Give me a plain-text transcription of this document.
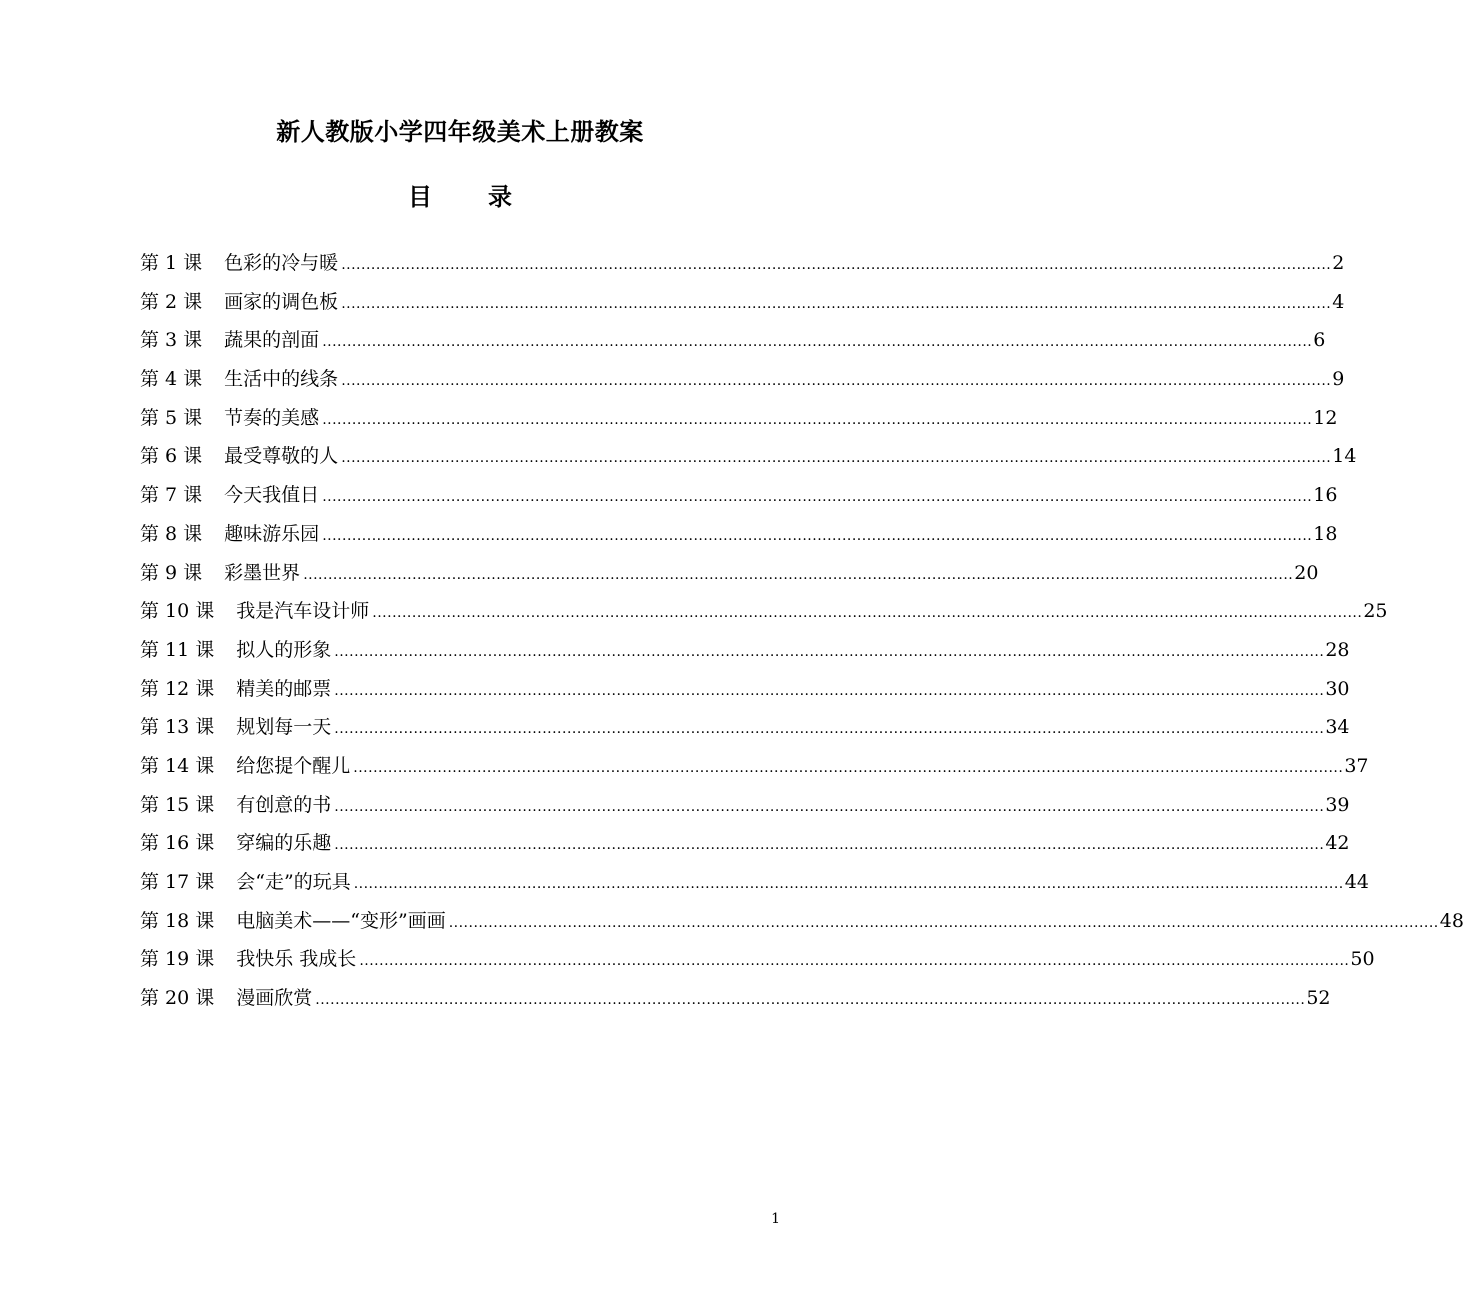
新人教版小学四年级美术上册教案
目 录
第 1 课 色彩的冷与暖 ........................................................................................................................................................................................................ 2
第 2 课 画家的调色板 ........................................................................................................................................................................................................ 4
第 3 课 蔬果的剖面 ........................................................................................................................................................................................................ 6
第 4 课 生活中的线条 ........................................................................................................................................................................................................ 9
第 5 课 节奏的美感 ........................................................................................................................................................................................................ 12
第 6 课 最受尊敬的人 ........................................................................................................................................................................................................ 14
第 7 课 今天我值日 ........................................................................................................................................................................................................ 16
第 8 课 趣味游乐园 ........................................................................................................................................................................................................ 18
第 9 课 彩墨世界 ........................................................................................................................................................................................................ 20
第 10 课 我是汽车设计师 ........................................................................................................................................................................................................ 25
第 11 课 拟人的形象 ........................................................................................................................................................................................................ 28
第 12 课 精美的邮票 ........................................................................................................................................................................................................ 30
第 13 课 规划每一天 ........................................................................................................................................................................................................ 34
第 14 课 给您提个醒儿 ........................................................................................................................................................................................................ 37
第 15 课 有创意的书 ........................................................................................................................................................................................................ 39
第 16 课 穿编的乐趣 ........................................................................................................................................................................................................ 42
第 17 课 会“走”的玩具 ........................................................................................................................................................................................................ 44
第 18 课 电脑美术——“变形”画画 ........................................................................................................................................................................................................ 48
第 19 课 我快乐 我成长 ........................................................................................................................................................................................................ 50
第 20 课 漫画欣赏 ........................................................................................................................................................................................................ 52
1
